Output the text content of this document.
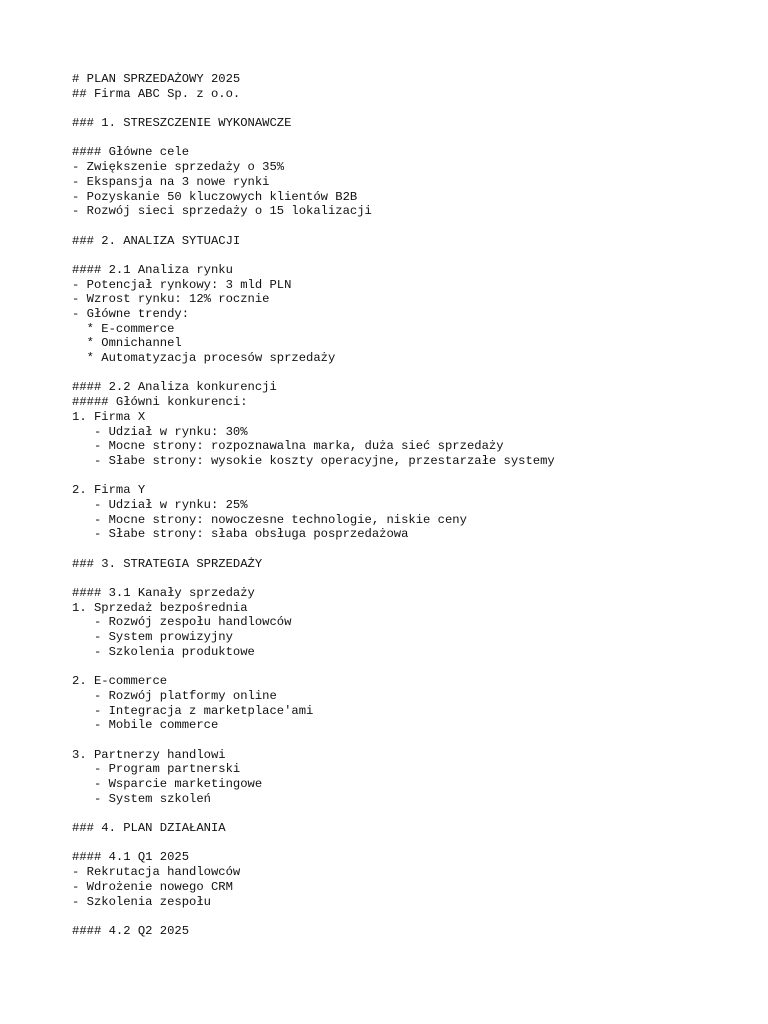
# PLAN SPRZEDAŻOWY 2025
## Firma ABC Sp. z o.o.
### 1. STRESZCZENIE WYKONAWCZE
#### Główne cele
- Zwiększenie sprzedaży o 35%
- Ekspansja na 3 nowe rynki
- Pozyskanie 50 kluczowych klientów B2B
- Rozwój sieci sprzedaży o 15 lokalizacji
### 2. ANALIZA SYTUACJI
#### 2.1 Analiza rynku
- Potencjał rynkowy: 3 mld PLN
- Wzrost rynku: 12% rocznie
- Główne trendy:
* E-commerce
* Omnichannel
* Automatyzacja procesów sprzedaży
#### 2.2 Analiza konkurencji
##### Główni konkurenci:
1. Firma X
- Udział w rynku: 30%
- Mocne strony: rozpoznawalna marka, duża sieć sprzedaży
- Słabe strony: wysokie koszty operacyjne, przestarzałe systemy
2. Firma Y
- Udział w rynku: 25%
- Mocne strony: nowoczesne technologie, niskie ceny
- Słabe strony: słaba obsługa posprzedażowa
### 3. STRATEGIA SPRZEDAŻY
#### 3.1 Kanały sprzedaży
1. Sprzedaż bezpośrednia
- Rozwój zespołu handlowców
- System prowizyjny
- Szkolenia produktowe
2. E-commerce
- Rozwój platformy online
- Integracja z marketplace'ami
- Mobile commerce
3. Partnerzy handlowi
- Program partnerski
- Wsparcie marketingowe
- System szkoleń
### 4. PLAN DZIAŁANIA
#### 4.1 Q1 2025
- Rekrutacja handlowców
- Wdrożenie nowego CRM
- Szkolenia zespołu
#### 4.2 Q2 2025
